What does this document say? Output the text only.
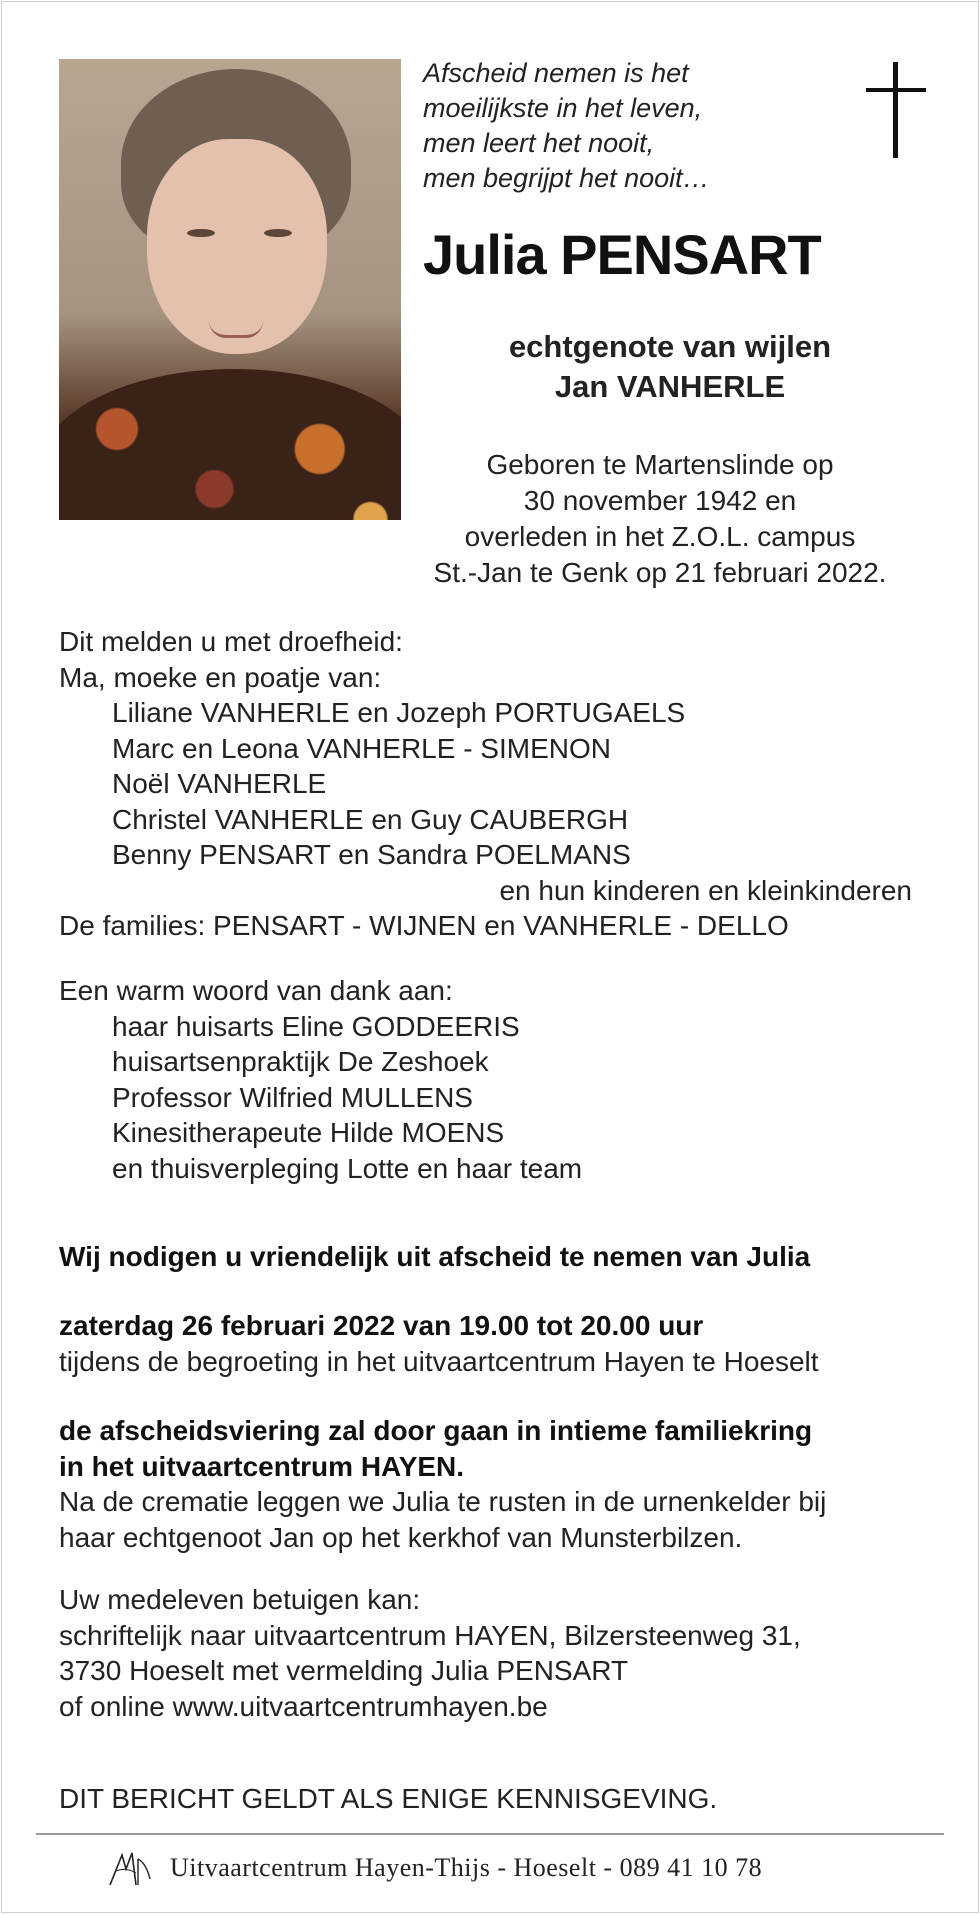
Afscheid nemen is het
moeilijkste in het leven,
men leert het nooit,
men begrijpt het nooit…
Julia PENSART
echtgenote van wijlen
Jan VANHERLE
Geboren te Martenslinde op
30 november 1942 en
overleden in het Z.O.L. campus
St.-Jan te Genk op 21 februari 2022.
Dit melden u met droefheid:
Ma, moeke en poatje van:
Liliane VANHERLE en Jozeph PORTUGAELS
Marc en Leona VANHERLE - SIMENON
Noël VANHERLE
Christel VANHERLE en Guy CAUBERGH
Benny PENSART en Sandra POELMANS
en hun kinderen en kleinkinderen
De families: PENSART - WIJNEN en VANHERLE - DELLO
Een warm woord van dank aan:
haar huisarts Eline GODDEERIS
huisartsenpraktijk De Zeshoek
Professor Wilfried MULLENS
Kinesitherapeute Hilde MOENS
en thuisverpleging Lotte en haar team
Wij nodigen u vriendelijk uit afscheid te nemen van Julia
zaterdag 26 februari 2022 van 19.00 tot 20.00 uur
tijdens de begroeting in het uitvaartcentrum Hayen te Hoeselt
de afscheidsviering zal door gaan in intieme familiekring
in het uitvaartcentrum HAYEN.
Na de crematie leggen we Julia te rusten in de urnenkelder bij
haar echtgenoot Jan op het kerkhof van Munsterbilzen.
Uw medeleven betuigen kan:
schriftelijk naar uitvaartcentrum HAYEN, Bilzersteenweg 31,
3730 Hoeselt met vermelding Julia PENSART
of online www.uitvaartcentrumhayen.be
DIT BERICHT GELDT ALS ENIGE KENNISGEVING.
Uitvaartcentrum Hayen-Thijs - Hoeselt - 089 41 10 78
